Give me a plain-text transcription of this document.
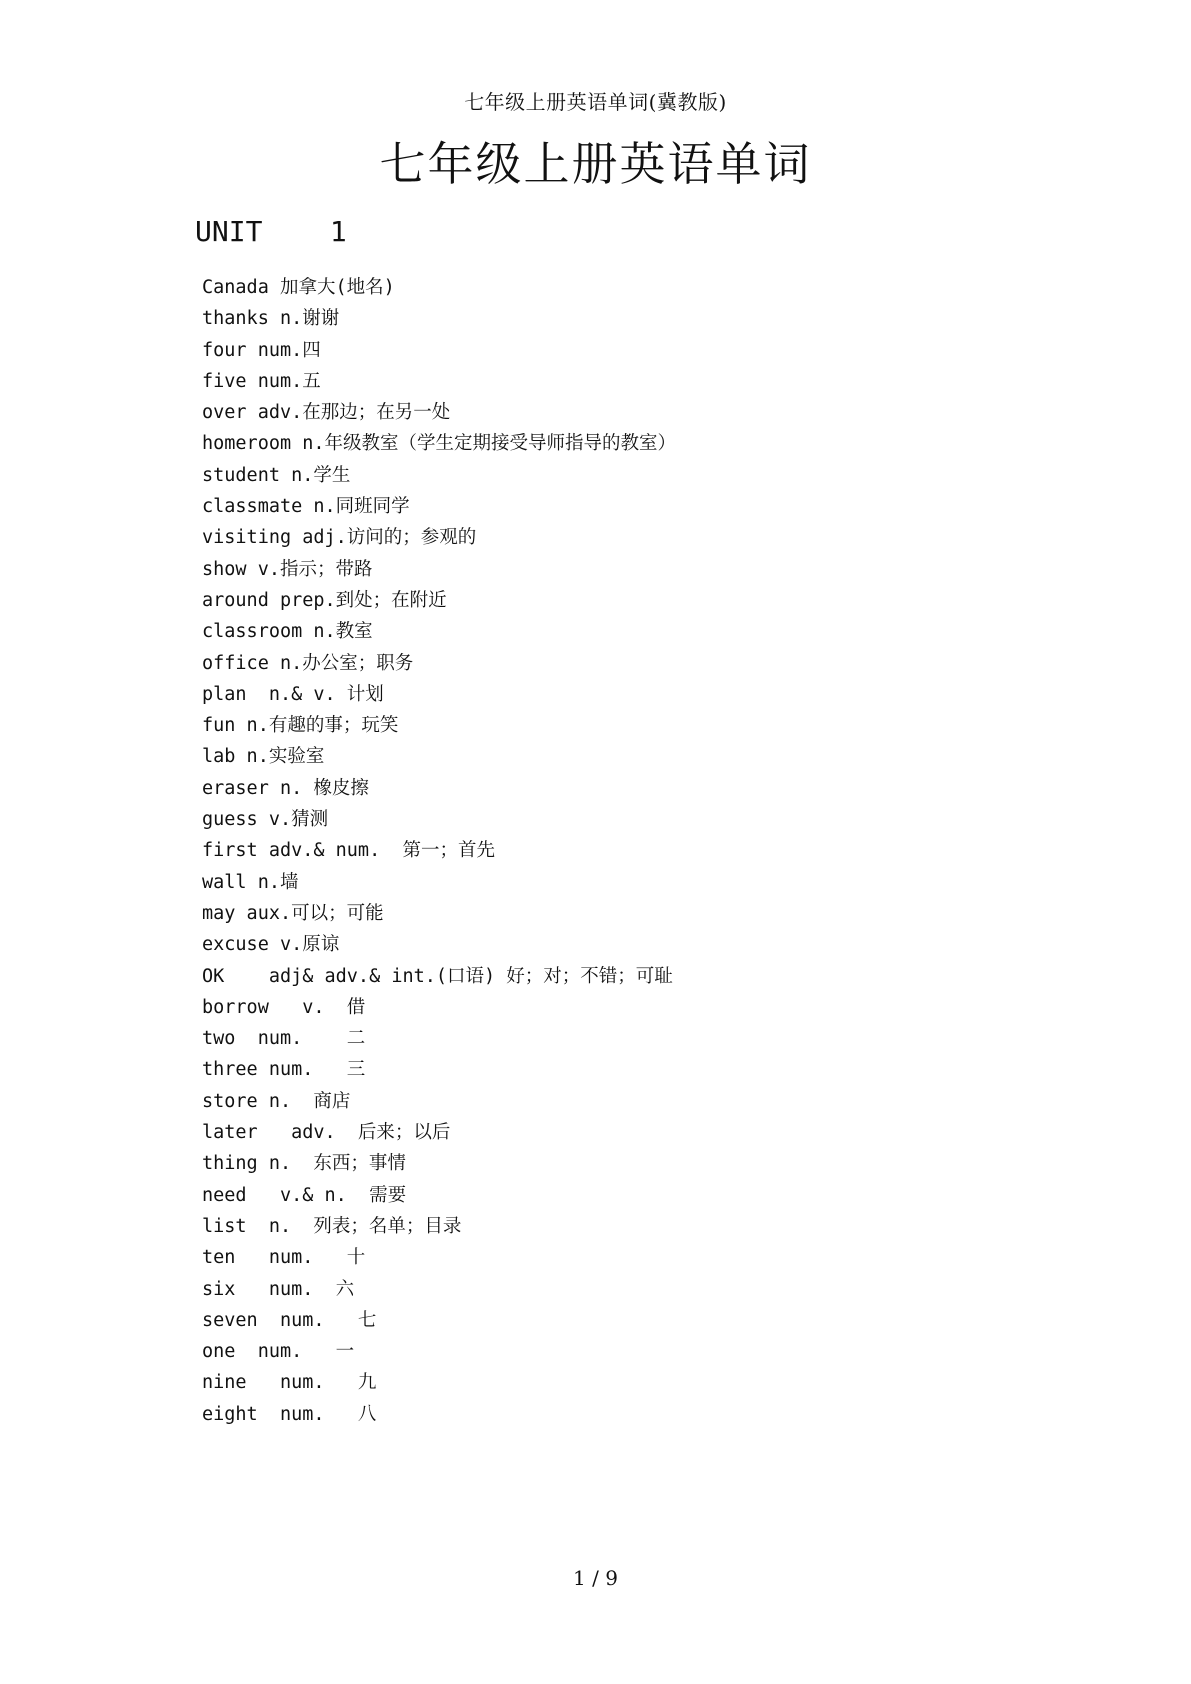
七年级上册英语单词(冀教版)
七年级上册英语单词
UNIT    1
Canada 加拿大(地名)
thanks n.谢谢
four num.四
five num.五
over adv.在那边；在另一处
homeroom n.年级教室（学生定期接受导师指导的教室）
student n.学生
classmate n.同班同学
visiting adj.访问的；参观的
show v.指示；带路
around prep.到处；在附近
classroom n.教室
office n.办公室；职务
plan  n.& v. 计划
fun n.有趣的事；玩笑
lab n.实验室
eraser n. 橡皮擦
guess v.猜测
first adv.& num.  第一；首先
wall n.墙
may aux.可以；可能
excuse v.原谅
OK    adj& adv.& int.(口语) 好；对；不错；可耻
borrow   v.  借
two  num.    二
three num.   三
store n.  商店
later   adv.  后来；以后
thing n.  东西；事情
need   v.& n.  需要
list  n.  列表；名单；目录
ten   num.   十
six   num.  六
seven  num.   七
one  num.   一
nine   num.   九
eight  num.   八
1 / 9
